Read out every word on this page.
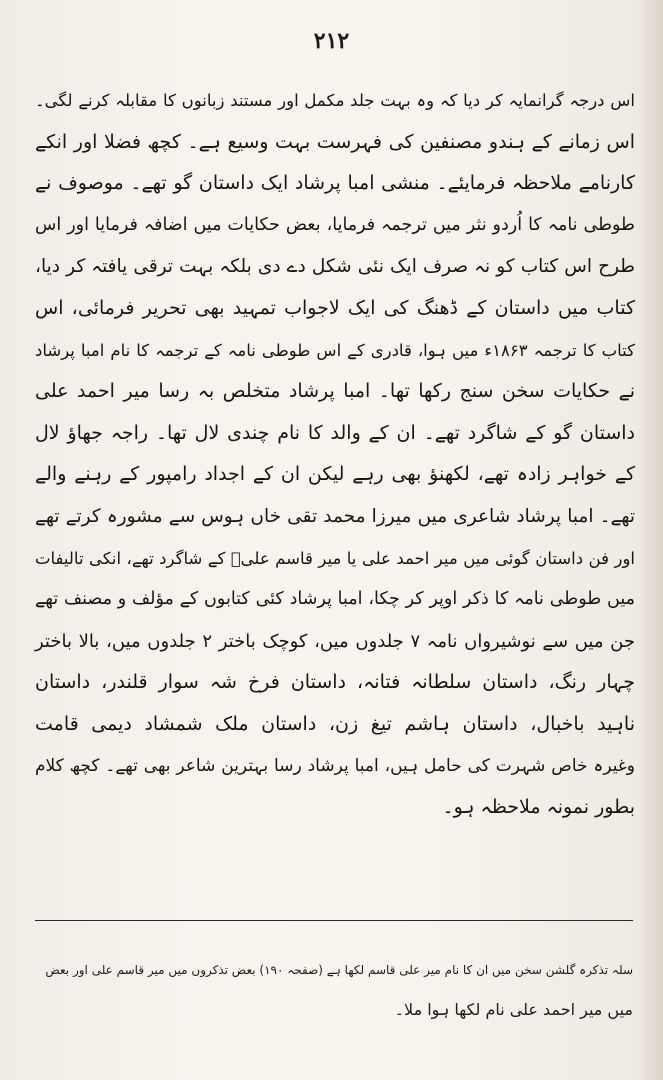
۲۱۲
اس درجہ گرانمایہ کر دیا کہ وہ بہت جلد مکمل اور مستند زبانوں کا مقابلہ کرنے لگی۔
اس زمانے کے ہندو مصنفین کی فہرست بہت وسیع ہے۔ کچھ فضلا اور انکے
کارنامے ملاحظہ فرمایئے۔ منشی امبا پرشاد ایک داستان گو تھے۔ موصوف نے
طوطی نامہ کا اُردو نثر میں ترجمہ فرمایا، بعض حکایات میں اضافہ فرمایا اور اس
طرح اس کتاب کو نہ صرف ایک نئی شکل دے دی بلکہ بہت ترقی یافتہ کر دیا،
کتاب میں داستان کے ڈھنگ کی ایک لاجواب تمہید بھی تحریر فرمائی، اس
کتاب کا ترجمہ ۱۸۶۳ء میں ہوا، قادری کے اس طوطی نامہ کے ترجمہ کا نام امبا پرشاد
نے حکایات سخن سنج رکھا تھا۔ امبا پرشاد متخلص بہ رسا میر احمد علی
داستان گو کے شاگرد تھے۔ ان کے والد کا نام چندی لال تھا۔ راجہ جھاؤ لال
کے خواہر زادہ تھے، لکھنؤ بھی رہے لیکن ان کے اجداد رامپور کے رہنے والے
تھے۔ امبا پرشاد شاعری میں میرزا محمد تقی خاں ہوس سے مشورہ کرتے تھے
اور فن داستان گوئی میں میر احمد علی یا میر قاسم علیؔ کے شاگرد تھے، انکی تالیفات
میں طوطی نامہ کا ذکر اوپر کر چکا، امبا پرشاد کئی کتابوں کے مؤلف و مصنف تھے
جن میں سے نوشیرواں نامہ ۷ جلدوں میں، کوچک باختر ۲ جلدوں میں، بالا باختر
چہار رنگ، داستان سلطانہ فتانہ، داستان فرخ شہ سوار قلندر، داستان
ناہید باخبال، داستان ہاشم تیغ زن، داستان ملک شمشاد دیمی قامت
وغیرہ خاص شہرت کی حامل ہیں، امبا پرشاد رسا بہترین شاعر بھی تھے۔ کچھ کلام
بطور نمونہ ملاحظہ ہو۔
سلہ تذکرہ گلشن سخن میں ان کا نام میر علی قاسم لکھا ہے (صفحہ ۱۹۰) بعض تذکروں میں میر قاسم علی اور بعض
میں میر احمد علی نام لکھا ہوا ملا۔
